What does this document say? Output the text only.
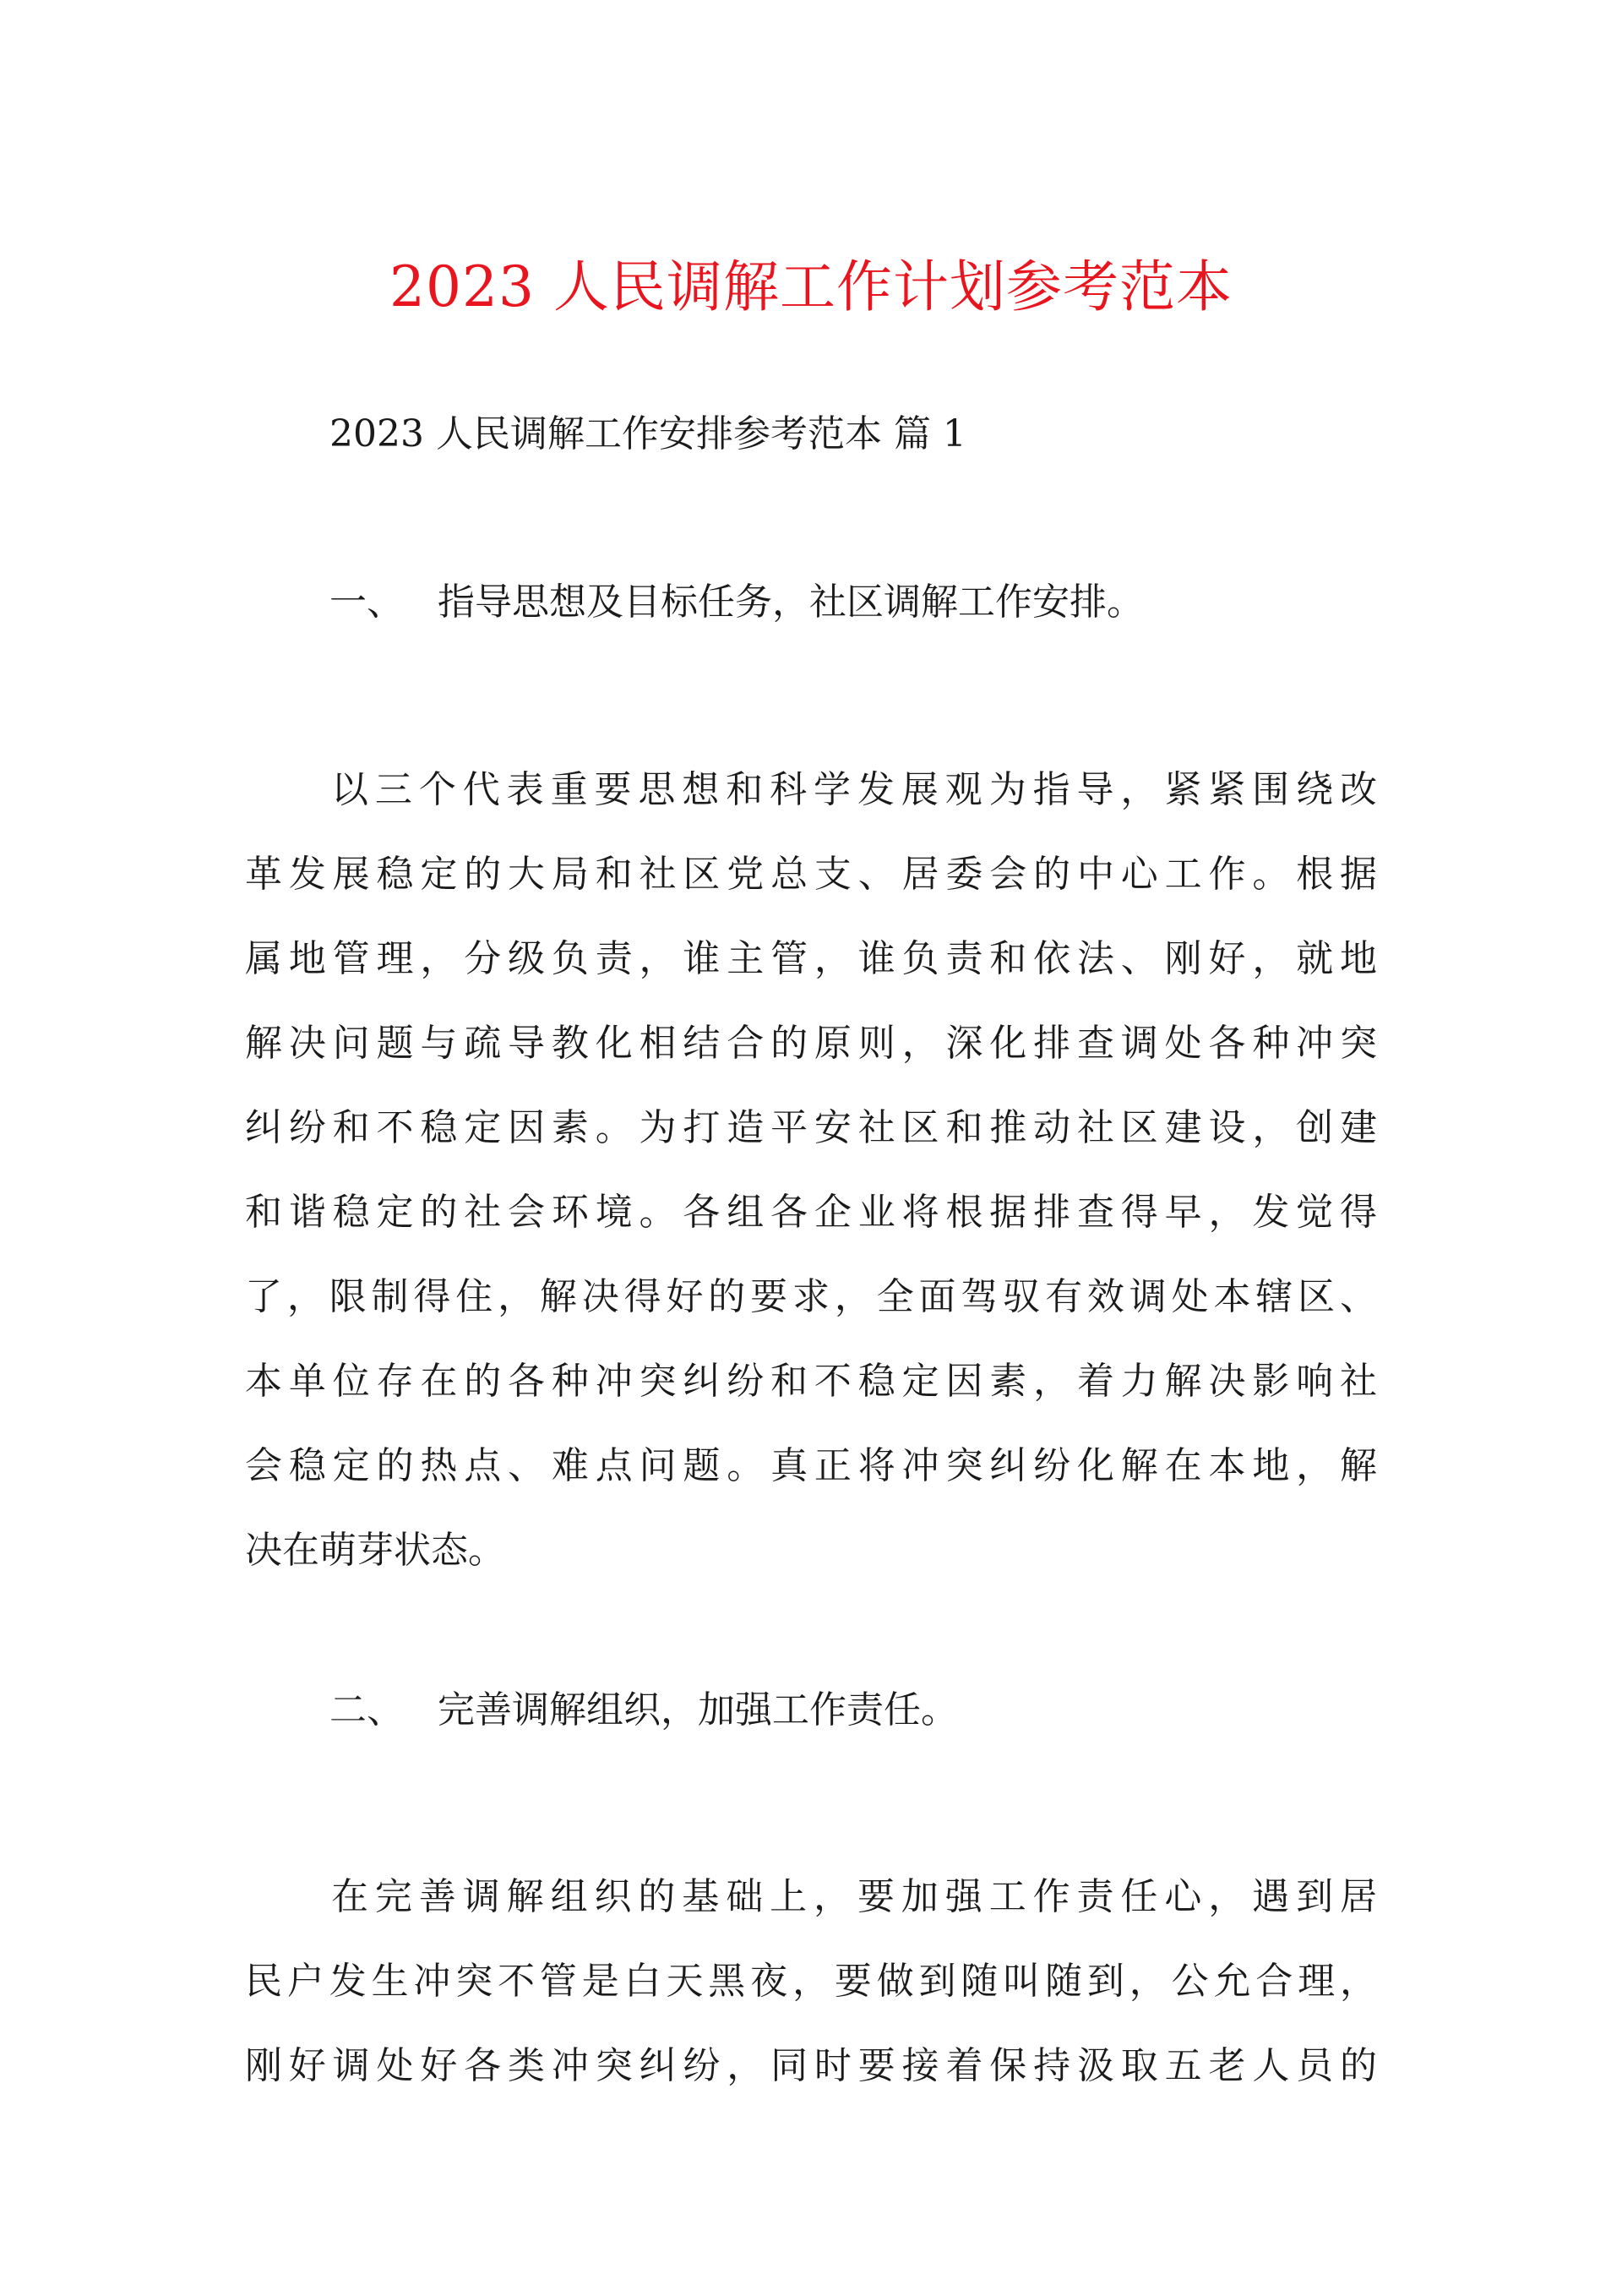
2023 人民调解工作计划参考范本
2023 人民调解工作安排参考范本 篇 1
一、 指导思想及目标任务，社区调解工作安排。
以三个代表重要思想和科学发展观为指导，紧紧围绕改
革发展稳定的大局和社区党总支、居委会的中心工作。根据
属地管理，分级负责，谁主管，谁负责和依法、刚好，就地
解决问题与疏导教化相结合的原则，深化排查调处各种冲突
纠纷和不稳定因素。为打造平安社区和推动社区建设，创建
和谐稳定的社会环境。各组各企业将根据排查得早，发觉得
了，限制得住，解决得好的要求，全面驾驭有效调处本辖区、
本单位存在的各种冲突纠纷和不稳定因素，着力解决影响社
会稳定的热点、难点问题。真正将冲突纠纷化解在本地，解
决在萌芽状态。
二、 完善调解组织，加强工作责任。
在完善调解组织的基础上，要加强工作责任心，遇到居
民户发生冲突不管是白天黑夜，要做到随叫随到，公允合理，
刚好调处好各类冲突纠纷，同时要接着保持汲取五老人员的
